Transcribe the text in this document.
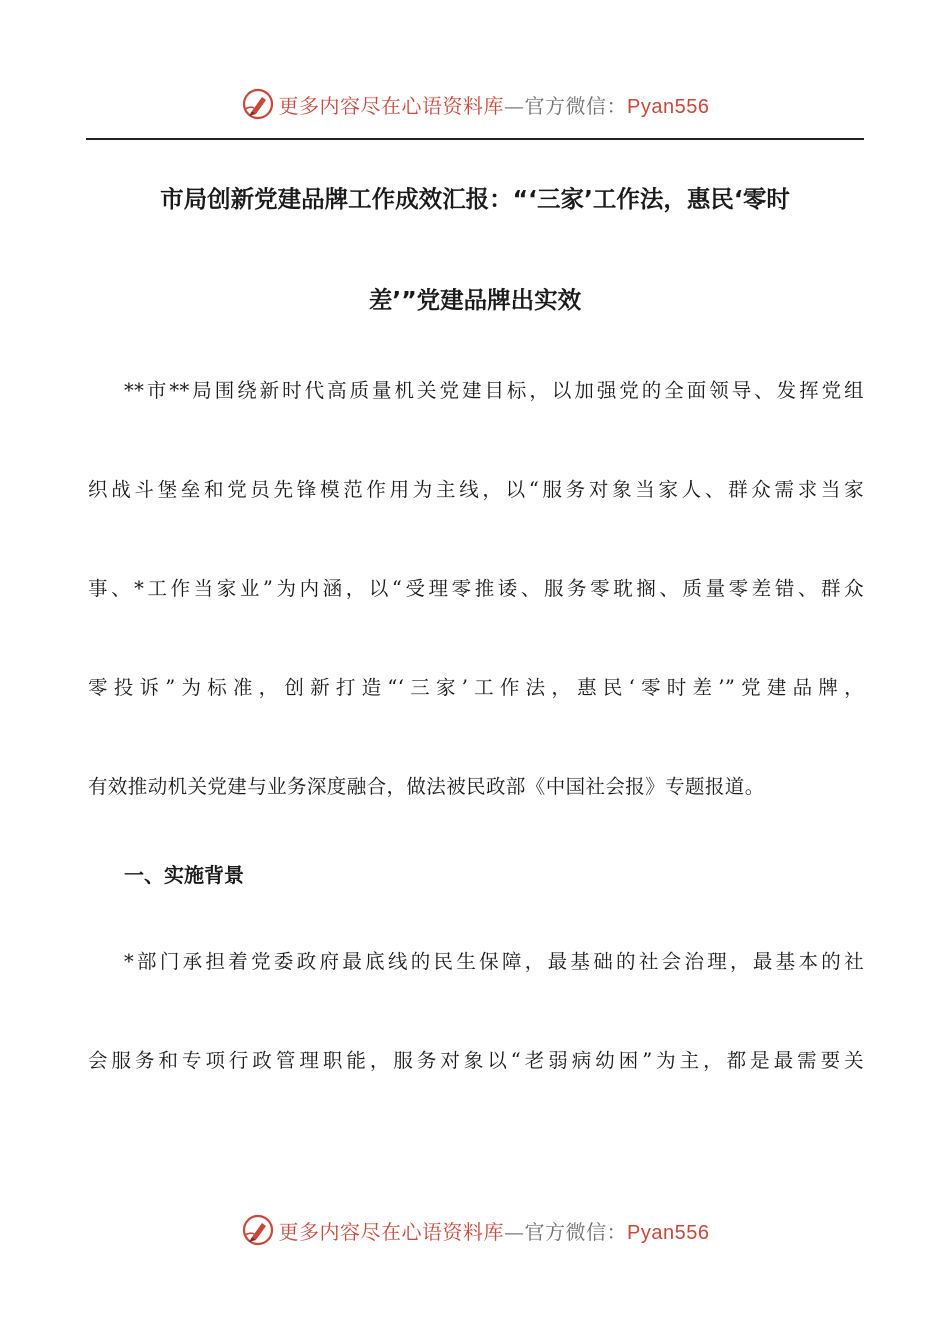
更多内容尽在心语资料库—官方微信：Pyan556
市局创新党建品牌工作成效汇报：“‘三家’工作法，惠民‘零时
差’”党建品牌出实效
**市**局围绕新时代高质量机关党建目标，以加强党的全面领导、发挥党组
织战斗堡垒和党员先锋模范作用为主线，以“服务对象当家人、群众需求当家
事、*工作当家业”为内涵，以“受理零推诿、服务零耽搁、质量零差错、群众
零投诉”为标准，创新打造“‘三家’工作法，惠民‘零时差’”党建品牌，
有效推动机关党建与业务深度融合，做法被民政部《中国社会报》专题报道。
一、实施背景
*部门承担着党委政府最底线的民生保障，最基础的社会治理，最基本的社
会服务和专项行政管理职能，服务对象以“老弱病幼困”为主，都是最需要关
更多内容尽在心语资料库—官方微信：Pyan556
